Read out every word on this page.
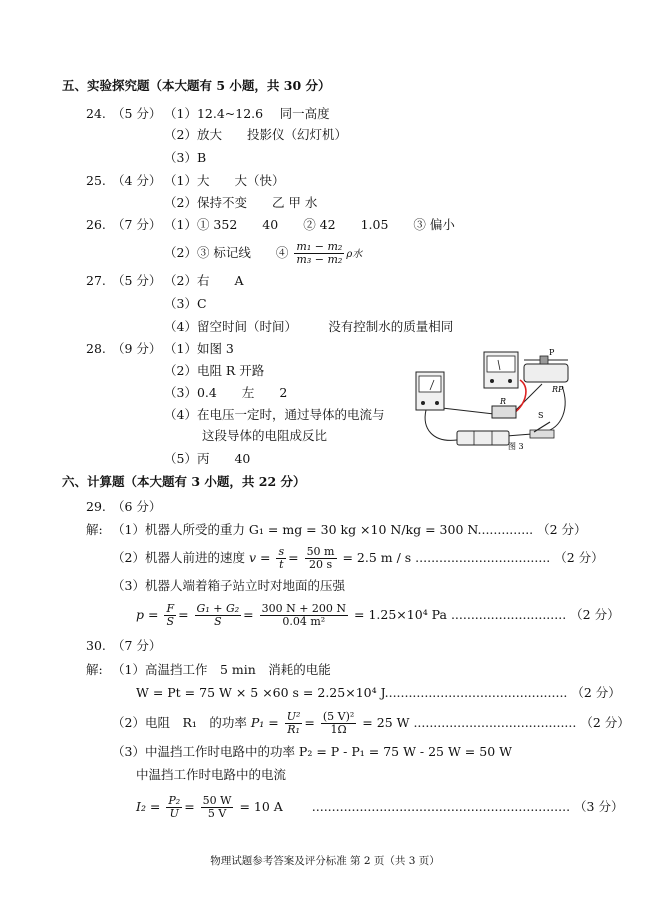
五、实验探究题（本大题有 5 小题，共 30 分）
24. （5 分） （1）12.4~12.6　 同一高度
（2）放大　　投影仪（幻灯机）
（3）B
25. （4 分） （1）大　　大（快）
（2）保持不变　　乙 甲 水
26. （7 分） （1）① 352　　40　　② 42　　1.05　　③ 偏小
（2）③ 标记线　　④ $\frac{\text{m₁ − m₂}}{\text{m₃ − m₂}}$ ρ水
27. （5 分） （2）右　　A
（3）C
（4）留空时间（时间）　　　没有控制水的质量相同
28. （9 分） （1）如图 3
（2）电阻 R 开路
（3）0.4　　左　　2
（4）在电压一定时，通过导体的电流与
这段导体的电阻成反比
（5）丙　　40
R
P
RP
S
图 3
六、计算题（本大题有 3 小题，共 22 分）
29. （6 分）
解: （1）机器人所受的重力 G₁ = mg = 30 kg ×10 N/kg = 300 N.............. （2 分）
（2）机器人前进的速度 $v = \frac{s}{t} = \frac{50 m}{20 s} = 2.5$ m / s .................................. （2 分）
（3）机器人端着箱子站立时对地面的压强
$p = \frac{F}{S} = \frac{\text{G₁ + G₂}}{S} = \frac{300 N + 200 N}{\text{0.04 m²}} = 1.25\times 10^4$ Pa ............................. （2 分）
30. （7 分）
解: （1）高温挡工作　5 min　消耗的电能
W = Pt = 75 W × 5 ×60 s = 2.25×10⁴ J.............................................. （2 分）
（2）电阻　R₁　的功率 $P_1 = \frac{\text{U²}}{\text{R₁}} = \frac{\text{(5 V)²}}{1\Omega} = 25$ W ......................................... （2 分）
（3）中温挡工作时电路中的功率 P₂ = P - P₁ = 75 W - 25 W = 50 W
中温挡工作时电路中的电流
$I_2 = \frac{\text{P₂}}{U} = \frac{50 W}{5 V} = 10$ A　　 ................................................................. （3 分）
物理试题参考答案及评分标准 第 2 页（共 3 页）
